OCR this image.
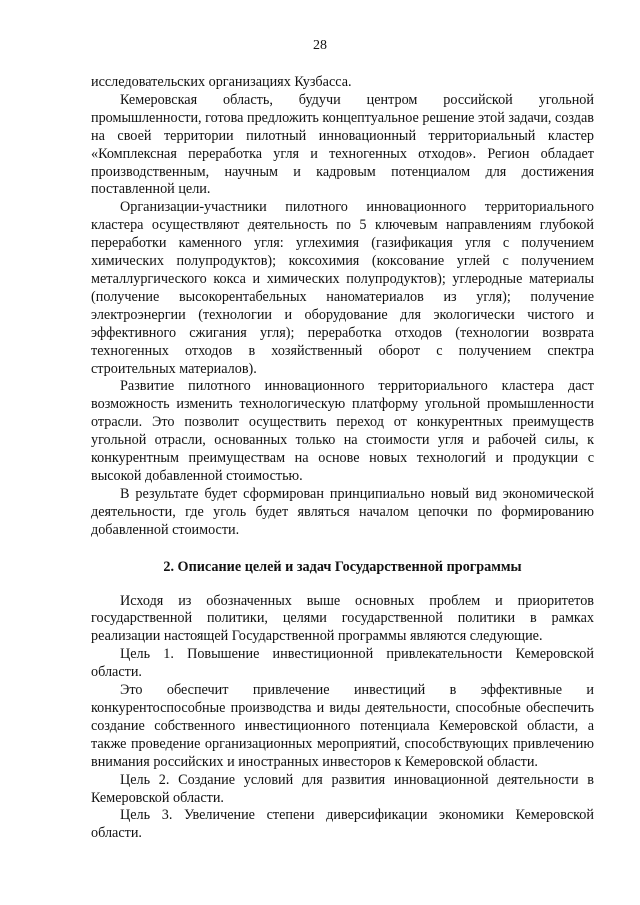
28

исследовательских организациях Кузбасса.

Кемеровская область, будучи центром российской угольной промышленности, готова предложить концептуальное решение этой задачи, создав на своей территории пилотный инновационный территориальный кластер «Комплексная переработка угля и техногенных отходов». Регион обладает производственным, научным и кадровым потенциалом для достижения поставленной цели.

Организации-участники пилотного инновационного территориального кластера осуществляют деятельность по 5 ключевым направлениям глубокой переработки каменного угля: углехимия (газификация угля с получением химических полупродуктов); коксохимия (коксование углей с получением металлургического кокса и химических полупродуктов); углеродные материалы (получение высокорентабельных наноматериалов из угля); получение электроэнергии (технологии и оборудование для экологически чистого и эффективного сжигания угля); переработка отходов (технологии возврата техногенных отходов в хозяйственный оборот с получением спектра строительных материалов).

Развитие пилотного инновационного территориального кластера даст возможность изменить технологическую платформу угольной промышленности отрасли. Это позволит осуществить переход от конкурентных преимуществ угольной отрасли, основанных только на стоимости угля и рабочей силы, к конкурентным преимуществам на основе новых технологий и продукции с высокой добавленной стоимостью.

В результате будет сформирован принципиально новый вид экономической деятельности, где уголь будет являться началом цепочки по формированию добавленной стоимости.

2. Описание целей и задач Государственной программы

Исходя из обозначенных выше основных проблем и приоритетов государственной политики, целями государственной политики в рамках реализации настоящей Государственной программы являются следующие.

Цель 1. Повышение инвестиционной привлекательности Кемеровской области.

Это обеспечит привлечение инвестиций в эффективные и конкурентоспособные производства и виды деятельности, способные обеспечить создание собственного инвестиционного потенциала Кемеровской области, а также проведение организационных мероприятий, способствующих привлечению внимания российских и иностранных инвесторов к Кемеровской области.

Цель 2. Создание условий для развития инновационной деятельности в Кемеровской области.

Цель 3. Увеличение степени диверсификации экономики Кемеровской области.
